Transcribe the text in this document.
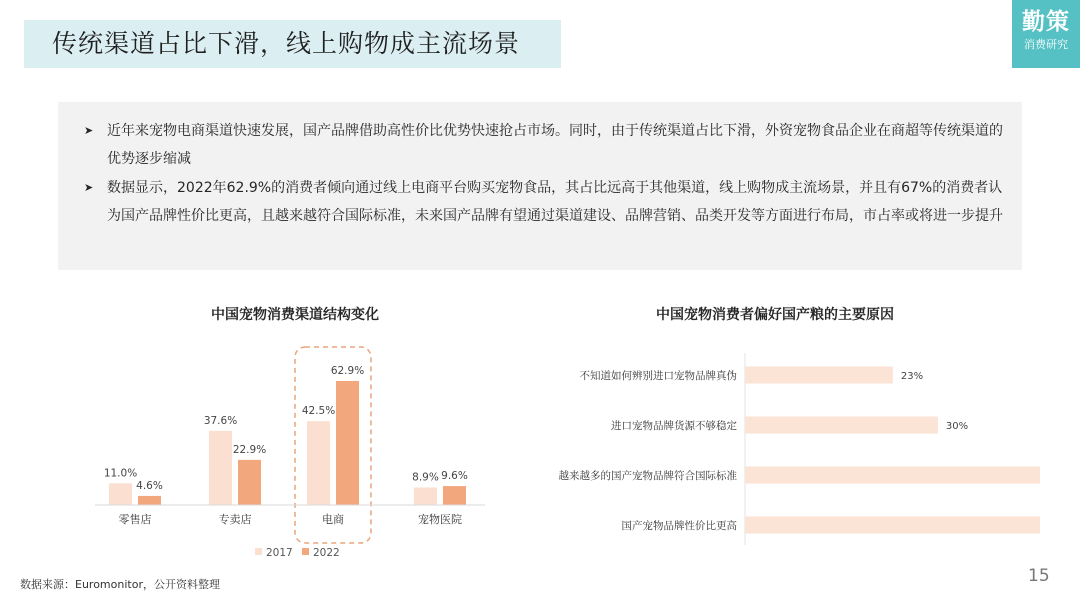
传统渠道占比下滑，线上购物成主流场景
勤策
消费研究
➤ 近年来宠物电商渠道快速发展，国产品牌借助高性价比优势快速抢占市场。同时，由于传统渠道占比下滑，外资宠物食品企业在商超等传统渠道的优势逐步缩减
➤ 数据显示，2022年62.9%的消费者倾向通过线上电商平台购买宠物食品，其占比远高于其他渠道，线上购物成主流场景，并且有67%的消费者认为国产品牌性价比更高，且越来越符合国际标准，未来国产品牌有望通过渠道建设、品牌营销、品类开发等方面进行布局，市占率或将进一步提升
中国宠物消费渠道结构变化	中国宠物消费者偏好国产粮的主要原因
11.0%
4.6%
零售店
37.6%
22.9%
专卖店
42.5%
62.9%
电商
8.9% 9.6%
宠物医院
2017 2022
不知道如何辨别进口宠物品牌真伪	23%
进口宠物品牌货源不够稳定	30%
越来越多的国产宠物品牌符合国际标准
国产宠物品牌性价比更高
数据来源：Euromonitor，公开资料整理	15
